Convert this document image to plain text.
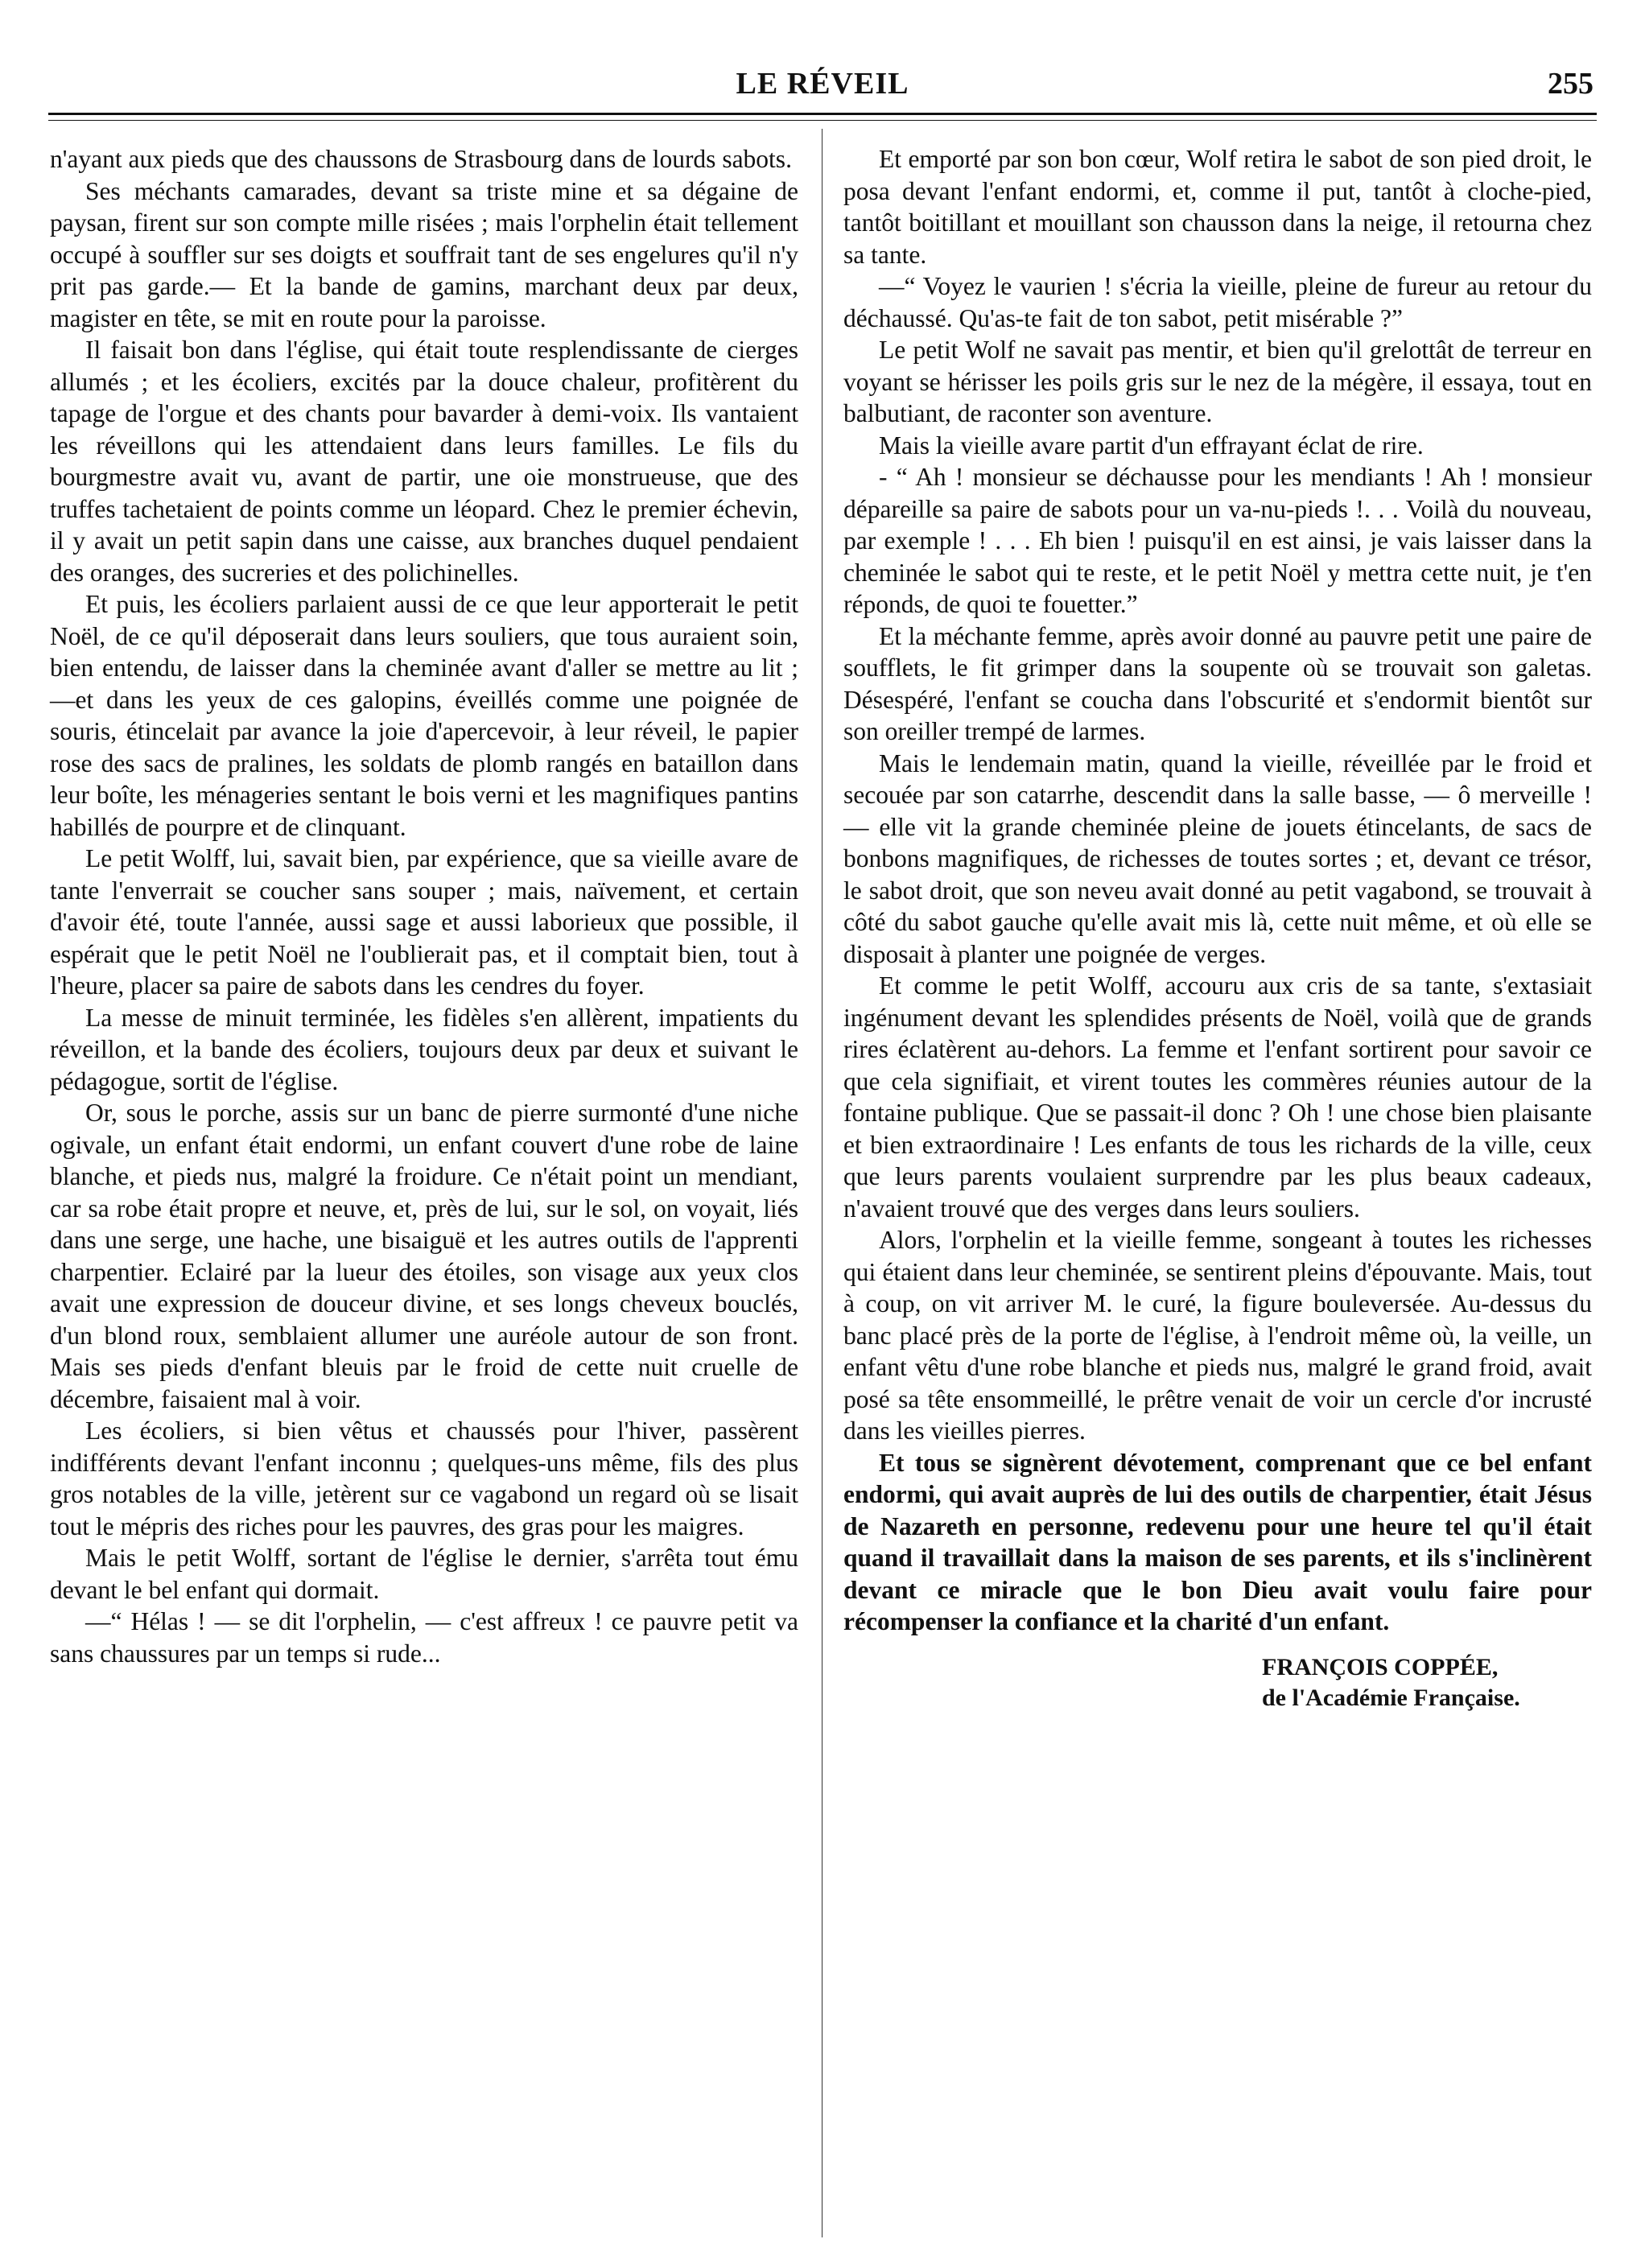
LE RÉVEIL	255

n'ayant aux pieds que des chaussons de Strasbourg dans de lourds sabots.

Ses méchants camarades, devant sa triste mine et sa dégaine de paysan, firent sur son compte mille risées ; mais l'orphelin était tellement occupé à souffler sur ses doigts et souffrait tant de ses engelures qu'il n'y prit pas garde.— Et la bande de gamins, marchant deux par deux, magister en tête, se mit en route pour la paroisse.

Il faisait bon dans l'église, qui était toute resplendissante de cierges allumés ; et les écoliers, excités par la douce chaleur, profitèrent du tapage de l'orgue et des chants pour bavarder à demi-voix. Ils vantaient les réveillons qui les attendaient dans leurs familles. Le fils du bourgmestre avait vu, avant de partir, une oie monstrueuse, que des truffes tachetaient de points comme un léopard. Chez le premier échevin, il y avait un petit sapin dans une caisse, aux branches duquel pendaient des oranges, des sucreries et des polichinelles.

Et puis, les écoliers parlaient aussi de ce que leur apporterait le petit Noël, de ce qu'il déposerait dans leurs souliers, que tous auraient soin, bien entendu, de laisser dans la cheminée avant d'aller se mettre au lit ; —et dans les yeux de ces galopins, éveillés comme une poignée de souris, étincelait par avance la joie d'apercevoir, à leur réveil, le papier rose des sacs de pralines, les soldats de plomb rangés en bataillon dans leur boîte, les ménageries sentant le bois verni et les magnifiques pantins habillés de pourpre et de clinquant.

Le petit Wolff, lui, savait bien, par expérience, que sa vieille avare de tante l'enverrait se coucher sans souper ; mais, naïvement, et certain d'avoir été, toute l'année, aussi sage et aussi laborieux que possible, il espérait que le petit Noël ne l'oublierait pas, et il comptait bien, tout à l'heure, placer sa paire de sabots dans les cendres du foyer.

La messe de minuit terminée, les fidèles s'en allèrent, impatients du réveillon, et la bande des écoliers, toujours deux par deux et suivant le pédagogue, sortit de l'église.

Or, sous le porche, assis sur un banc de pierre surmonté d'une niche ogivale, un enfant était endormi, un enfant couvert d'une robe de laine blanche, et pieds nus, malgré la froidure. Ce n'était point un mendiant, car sa robe était propre et neuve, et, près de lui, sur le sol, on voyait, liés dans une serge, une hache, une bisaiguë et les autres outils de l'apprenti charpentier. Eclairé par la lueur des étoiles, son visage aux yeux clos avait une expression de douceur divine, et ses longs cheveux bouclés, d'un blond roux, semblaient allumer une auréole autour de son front. Mais ses pieds d'enfant bleuis par le froid de cette nuit cruelle de décembre, faisaient mal à voir.

Les écoliers, si bien vêtus et chaussés pour l'hiver, passèrent indifférents devant l'enfant inconnu ; quelques-uns même, fils des plus gros notables de la ville, jetèrent sur ce vagabond un regard où se lisait tout le mépris des riches pour les pauvres, des gras pour les maigres.

Mais le petit Wolff, sortant de l'église le dernier, s'arrêta tout ému devant le bel enfant qui dormait.

—“ Hélas ! — se dit l'orphelin, — c'est affreux ! ce pauvre petit va sans chaussures par un temps si rude...

Et emporté par son bon cœur, Wolf retira le sabot de son pied droit, le posa devant l'enfant endormi, et, comme il put, tantôt à cloche-pied, tantôt boitillant et mouillant son chausson dans la neige, il retourna chez sa tante.

—“ Voyez le vaurien ! s'écria la vieille, pleine de fureur au retour du déchaussé. Qu'as-te fait de ton sabot, petit misérable ?”

Le petit Wolf ne savait pas mentir, et bien qu'il grelottât de terreur en voyant se hérisser les poils gris sur le nez de la mégère, il essaya, tout en balbutiant, de raconter son aventure.

Mais la vieille avare partit d'un effrayant éclat de rire.

- “ Ah ! monsieur se déchausse pour les mendiants ! Ah ! monsieur dépareille sa paire de sabots pour un va-nu-pieds !. . . Voilà du nouveau, par exemple ! . . . Eh bien ! puisqu'il en est ainsi, je vais laisser dans la cheminée le sabot qui te reste, et le petit Noël y mettra cette nuit, je t'en réponds, de quoi te fouetter.”

Et la méchante femme, après avoir donné au pauvre petit une paire de soufflets, le fit grimper dans la soupente où se trouvait son galetas. Désespéré, l'enfant se coucha dans l'obscurité et s'endormit bientôt sur son oreiller trempé de larmes.

Mais le lendemain matin, quand la vieille, réveillée par le froid et secouée par son catarrhe, descendit dans la salle basse, — ô merveille ! — elle vit la grande cheminée pleine de jouets étincelants, de sacs de bonbons magnifiques, de richesses de toutes sortes ; et, devant ce trésor, le sabot droit, que son neveu avait donné au petit vagabond, se trouvait à côté du sabot gauche qu'elle avait mis là, cette nuit même, et où elle se disposait à planter une poignée de verges.

Et comme le petit Wolff, accouru aux cris de sa tante, s'extasiait ingénument devant les splendides présents de Noël, voilà que de grands rires éclatèrent au-dehors. La femme et l'enfant sortirent pour savoir ce que cela signifiait, et virent toutes les commères réunies autour de la fontaine publique. Que se passait-il donc ? Oh ! une chose bien plaisante et bien extraordinaire ! Les enfants de tous les richards de la ville, ceux que leurs parents voulaient surprendre par les plus beaux cadeaux, n'avaient trouvé que des verges dans leurs souliers.

Alors, l'orphelin et la vieille femme, songeant à toutes les richesses qui étaient dans leur cheminée, se sentirent pleins d'épouvante. Mais, tout à coup, on vit arriver M. le curé, la figure bouleversée. Au-dessus du banc placé près de la porte de l'église, à l'endroit même où, la veille, un enfant vêtu d'une robe blanche et pieds nus, malgré le grand froid, avait posé sa tête ensommeillé, le prêtre venait de voir un cercle d'or incrusté dans les vieilles pierres.

Et tous se signèrent dévotement, comprenant que ce bel enfant endormi, qui avait auprès de lui des outils de charpentier, était Jésus de Nazareth en personne, redevenu pour une heure tel qu'il était quand il travaillait dans la maison de ses parents, et ils s'inclinèrent devant ce miracle que le bon Dieu avait voulu faire pour récompenser la confiance et la charité d'un enfant.

FRANÇOIS COPPÉE,
de l'Académie Française.
